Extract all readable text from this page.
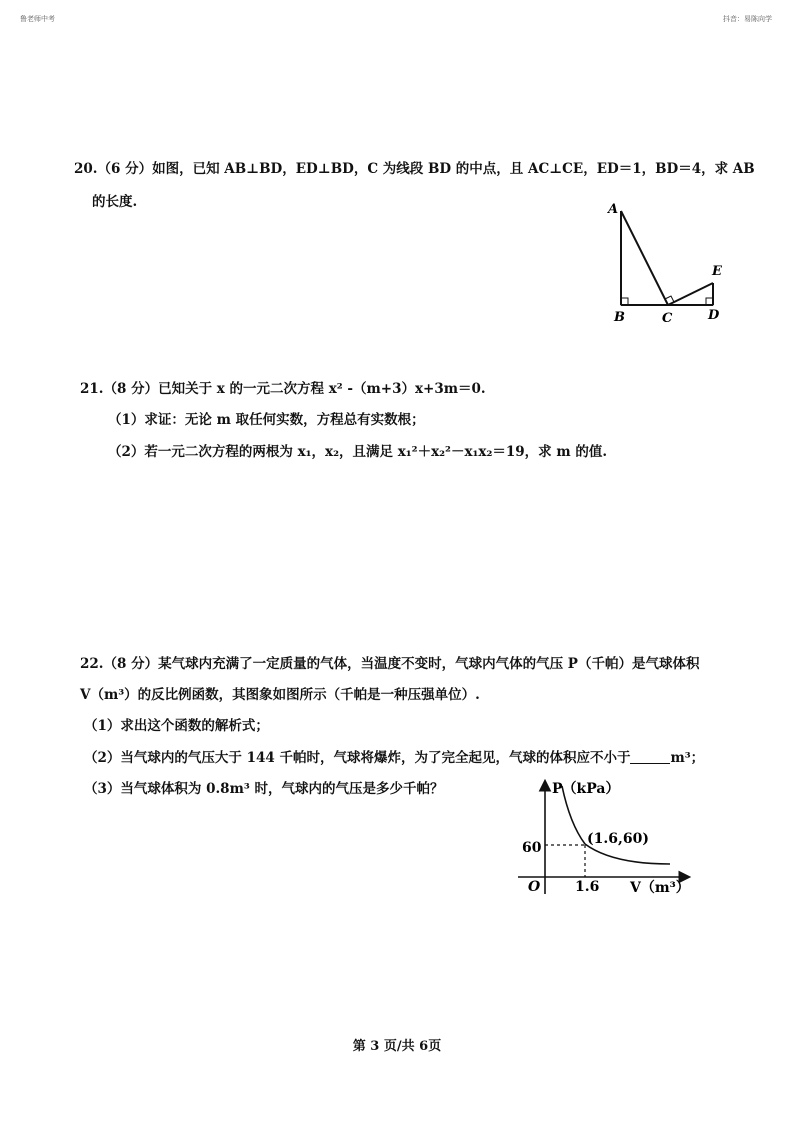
鲁老师中考	抖音：易陈向学
20.（6 分）如图，已知 AB⊥BD，ED⊥BD，C 为线段 BD 的中点，且 AC⊥CE，ED＝1，BD＝4，求 AB
的长度.	A
B	C	D
E
21.（8 分）已知关于 x 的一元二次方程 x² -（m+3）x+3m＝0.
（1）求证：无论 m 取任何实数，方程总有实数根；
（2）若一元二次方程的两根为 x₁，x₂，且满足 x₁²＋x₂²－x₁x₂＝19，求 m 的值.
22.（8 分）某气球内充满了一定质量的气体，当温度不变时，气球内气体的气压 P（千帕）是气球体积
V（m³）的反比例函数，其图象如图所示（千帕是一种压强单位）.
（1）求出这个函数的解析式；
（2）当气球内的气压大于 144 千帕时，气球将爆炸，为了完全起见，气球的体积应不小于	m³；
（3）当气球体积为 0.8m³ 时，气球内的气压是多少千帕？	P（kPa）
V（m³）
O
60
1.6
(1.6,60)
第 3 页/共 6页
